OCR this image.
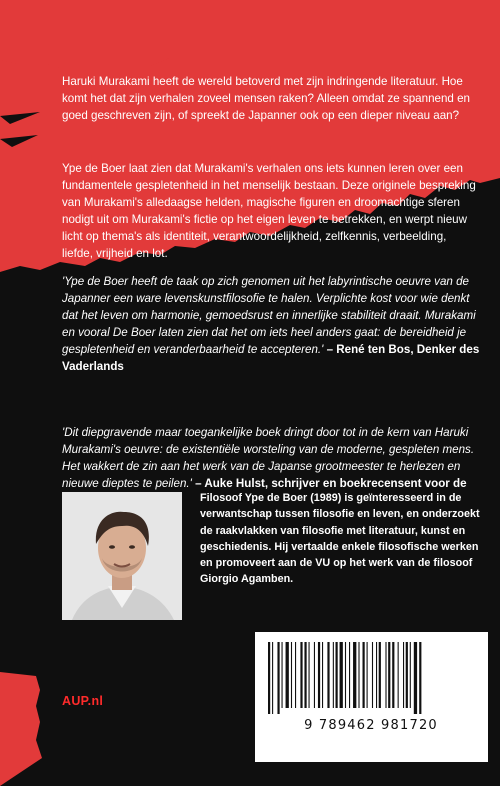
Haruki Murakami heeft de wereld betoverd met zijn indringende literatuur. Hoe komt het dat zijn verhalen zoveel mensen raken? Alleen omdat ze spannend en goed geschreven zijn, of spreekt de Japanner ook op een dieper niveau aan?

Ype de Boer laat zien dat Murakami's verhalen ons iets kunnen leren over een fundamentele gespletenheid in het menselijk bestaan. Deze originele bespreking van Murakami's alledaagse helden, magische figuren en droomachtige sferen nodigt uit om Murakami's fictie op het eigen leven te betrekken, en werpt nieuw licht op thema's als identiteit, verantwoordelijkheid, zelfkennis, verbeelding, liefde, vrijheid en lot.

'Ype de Boer heeft de taak op zich genomen uit het labyrintische oeuvre van de Japanner een ware levenskunstfilosofie te halen. Verplichte kost voor wie denkt dat het leven om harmonie, gemoedsrust en innerlijke stabiliteit draait. Murakami en vooral De Boer laten zien dat het om iets heel anders gaat: de bereidheid je gespletenheid en veranderbaarheid te accepteren.' – René ten Bos, Denker des Vaderlands

'Dit diepgravende maar toegankelijke boek dringt door tot in de kern van Haruki Murakami's oeuvre: de existentiële worsteling van de moderne, gespleten mens. Het wakkert de zin aan het werk van de Japanse grootmeester te herlezen en nieuwe dieptes te peilen.' – Auke Hulst, schrijver en boekrecensent voor de

Filosoof Ype de Boer (1989) is geïnteresseerd in de verwantschap tussen filosofie en leven, en onderzoekt de raakvlakken van filosofie met literatuur, kunst en geschiedenis. Hij vertaalde enkele filosofische werken en promoveert aan de VU op het werk van de filosoof Giorgio Agamben.

AUP.nl
9 789462 981720
